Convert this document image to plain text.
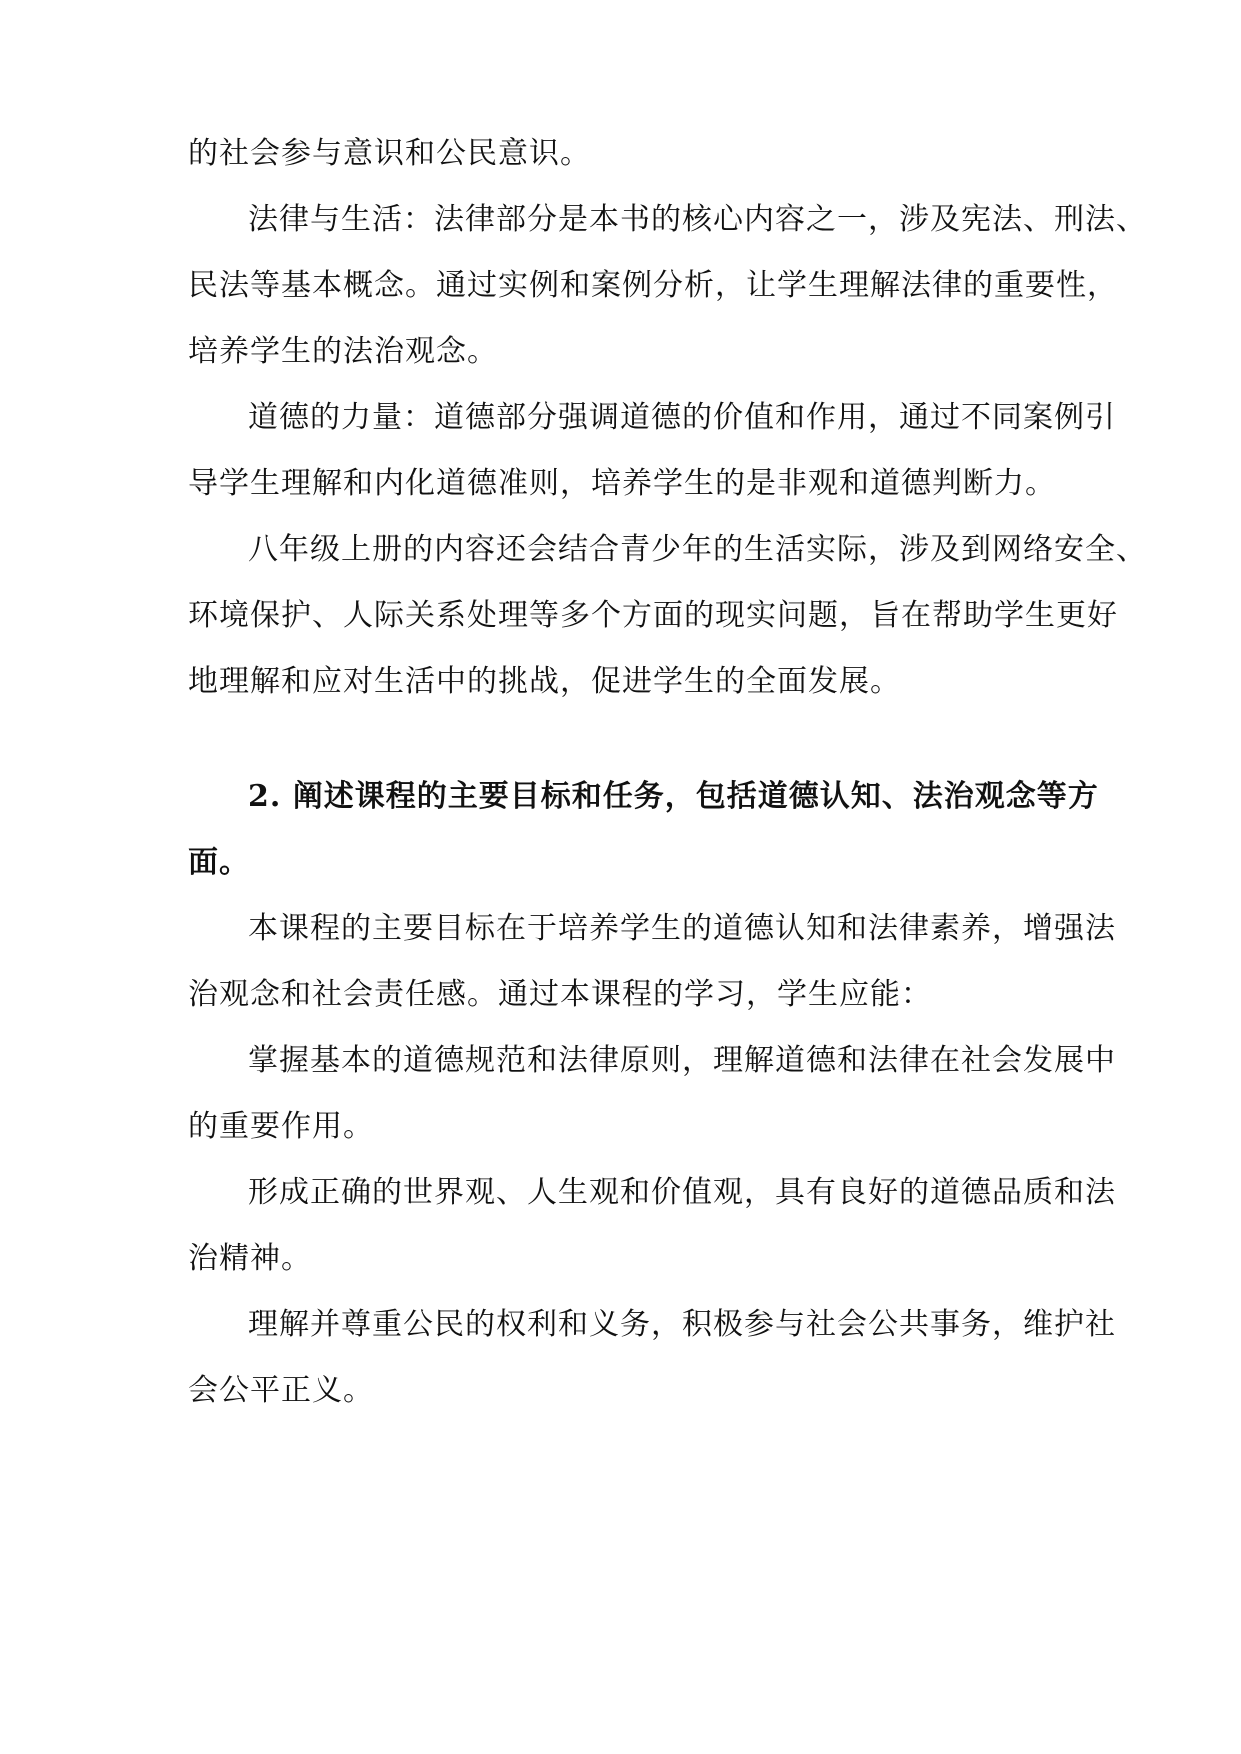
的社会参与意识和公民意识。

法律与生活：法律部分是本书的核心内容之一，涉及宪法、刑法、

民法等基本概念。通过实例和案例分析，让学生理解法律的重要性，

培养学生的法治观念。

道德的力量：道德部分强调道德的价值和作用，通过不同案例引

导学生理解和内化道德准则，培养学生的是非观和道德判断力。

八年级上册的内容还会结合青少年的生活实际，涉及到网络安全、

环境保护、人际关系处理等多个方面的现实问题，旨在帮助学生更好

地理解和应对生活中的挑战，促进学生的全面发展。

2. 阐述课程的主要目标和任务，包括道德认知、法治观念等方

面。

本课程的主要目标在于培养学生的道德认知和法律素养，增强法

治观念和社会责任感。通过本课程的学习，学生应能：

掌握基本的道德规范和法律原则，理解道德和法律在社会发展中

的重要作用。

形成正确的世界观、人生观和价值观，具有良好的道德品质和法

治精神。

理解并尊重公民的权利和义务，积极参与社会公共事务，维护社

会公平正义。
